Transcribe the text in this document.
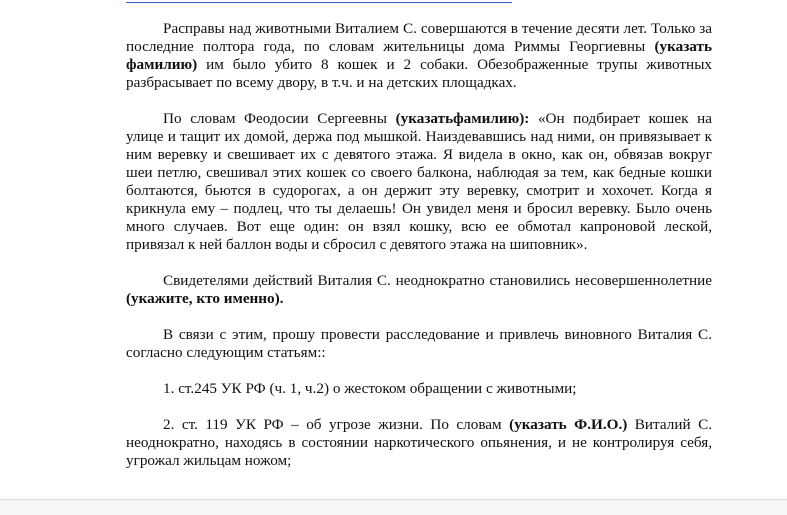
Расправы над животными Виталием С. совершаются в течение десяти лет. Только за последние полтора года, по словам жительницы дома Риммы Георгиевны (указать фамилию) им было убито 8 кошек и 2 собаки. Обезображенные трупы животных разбрасывает по всему двору, в т.ч. и на детских площадках.

По словам Феодосии Сергеевны (указатьфамилию): «Он подбирает кошек на улице и тащит их домой, держа под мышкой. Наиздевавшись над ними, он привязывает к ним веревку и свешивает их с девятого этажа. Я видела в окно, как он, обвязав вокруг шеи петлю, свешивал этих кошек со своего балкона, наблюдая за тем, как бедные кошки болтаются, бьются в судорогах, а он держит эту веревку, смотрит и хохочет. Когда я крикнула ему – подлец, что ты делаешь! Он увидел меня и бросил веревку. Было очень много случаев. Вот еще один: он взял кошку, всю ее обмотал капроновой леской, привязал к ней баллон воды и сбросил с девятого этажа на шиповник».

Свидетелями действий Виталия С. неоднократно становились несовершеннолетние (укажите, кто именно).

В связи с этим, прошу провести расследование и привлечь виновного Виталия С. согласно следующим статьям::

1. ст.245 УК РФ (ч. 1, ч.2) о жестоком обращении с животными;

2. ст. 119 УК РФ – об угрозе жизни. По словам (указать Ф.И.О.) Виталий С. неоднократно, находясь в состоянии наркотического опьянения, и не контролируя себя, угрожал жильцам ножом;
